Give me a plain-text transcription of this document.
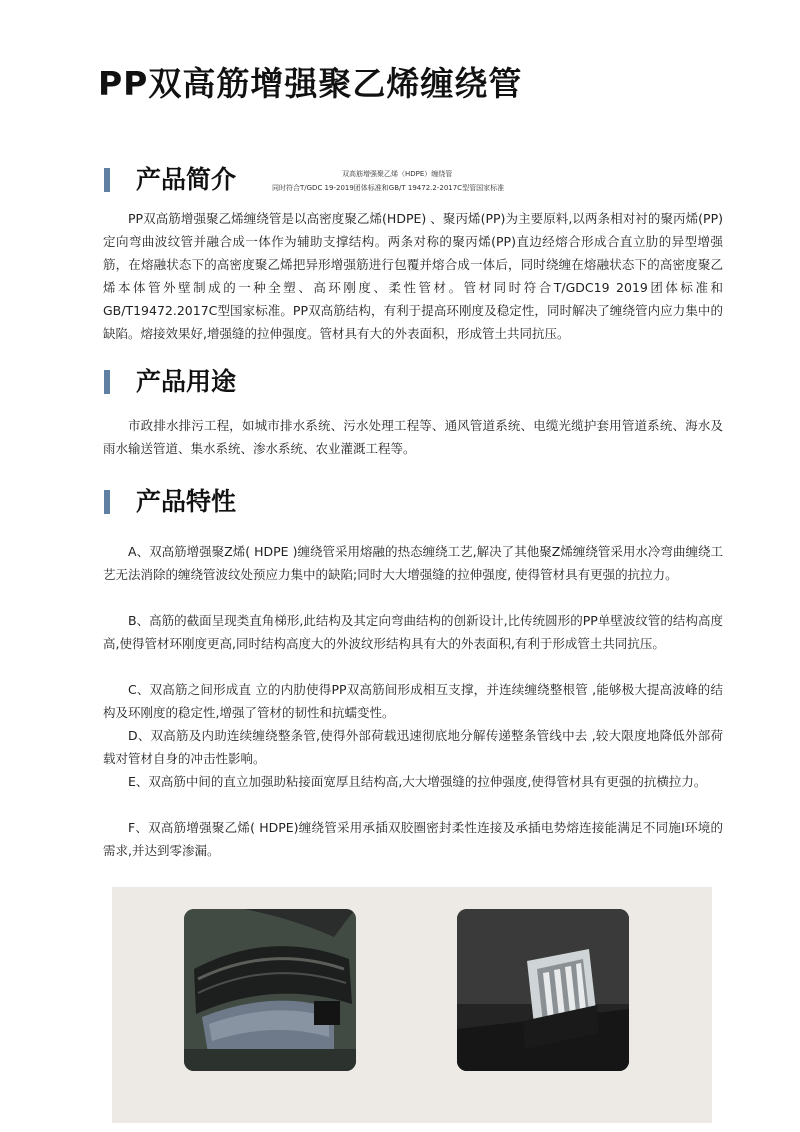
PP双高筋增强聚乙烯缠绕管
产品简介	双高筋增强聚乙烯（HDPE）缠绕管
同时符合T/GDC 19-2019团体标准和GB/T 19472.2-2017C型管国家标准

PP双高筋增强聚乙烯缠绕管是以高密度聚乙烯(HDPE) 、聚丙烯(PP)为主要原料,以两条相对衬的聚丙烯(PP)定向弯曲波纹管并融合成一体作为辅助支撑结构。两条对称的聚丙烯(PP)直边经熔合形成合直立肋的异型增强筋，在熔融状态下的高密度聚乙烯把异形增强筋进行包覆并熔合成一体后，同时绕缠在熔融状态下的高密度聚乙烯本体管外壁制成的一种全塑、高环刚度、柔性管材。管材同时符合T/GDC19 2019团体标准和GB/T19472.2017C型国家标准。PP双高筋结构，有利于提高环刚度及稳定性，同时解决了缠绕管内应力集中的缺陷。熔接效果好,增强缝的拉伸强度。管材具有大的外表面积，形成管土共同抗压。

产品用途

市政排水排污工程，如城市排水系统、污水处理工程等、通风管道系统、电缆光缆护套用管道系统、海水及雨水输送管道、集水系统、渗水系统、农业灌溉工程等。

产品特性

A、双高筋增强聚Z烯( HDPE )缠绕管采用熔融的热态缠绕工艺,解决了其他聚Z烯缠绕管采用水冷弯曲缠绕工艺无法消除的缠绕管波纹处预应力集中的缺陷;同时大大增强缝的拉伸强度, 使得管材具有更强的抗拉力。

B、高筋的截面呈现类直角梯形,此结构及其定向弯曲结构的创新设计,比传统圆形的PP单壁波纹管的结构高度高,使得管材环刚度更高,同时结构高度大的外波纹形结构具有大的外表面积,有利于形成管土共同抗压。

C、双高筋之间形成直 立的内肋使得PP双高筋间形成相互支撑，并连续缠绕整根管 ,能够极大提高波峰的结构及环刚度的稳定性,增强了管材的韧性和抗蠕变性。

D、双高筋及内助连续缠绕整条管,使得外部荷载迅速彻底地分解传递整条管线中去 ,较大限度地降低外部荷载对管材自身的冲击性影响。

E、双高筋中间的直立加强助粘接面宽厚且结构高,大大增强缝的拉伸强度,使得管材具有更强的抗横拉力。

F、双高筋增强聚乙烯( HDPE)缠绕管采用承插双胶圈密封柔性连接及承插电势熔连接能满足不同施I环境的需求,并达到零渗漏。
